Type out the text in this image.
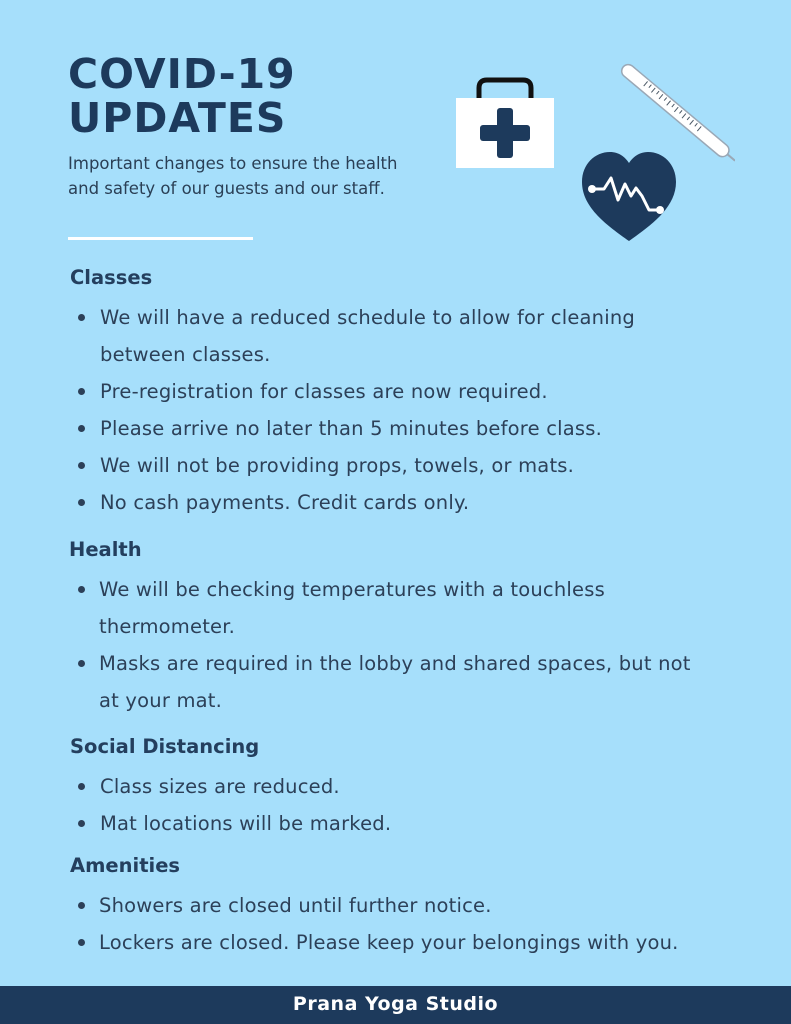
COVID-19
UPDATES

Important changes to ensure the health and safety of our guests and our staff.

Classes
We will have a reduced schedule to allow for cleaning between classes.
Pre-registration for classes are now required.
Please arrive no later than 5 minutes before class.
We will not be providing props, towels, or mats.
No cash payments. Credit cards only.
Health
We will be checking temperatures with a touchless thermometer.
Masks are required in the lobby and shared spaces, but not at your mat.
Social Distancing
Class sizes are reduced.
Mat locations will be marked.
Amenities
Showers are closed until further notice.
Lockers are closed. Please keep your belongings with you.
Prana Yoga Studio
